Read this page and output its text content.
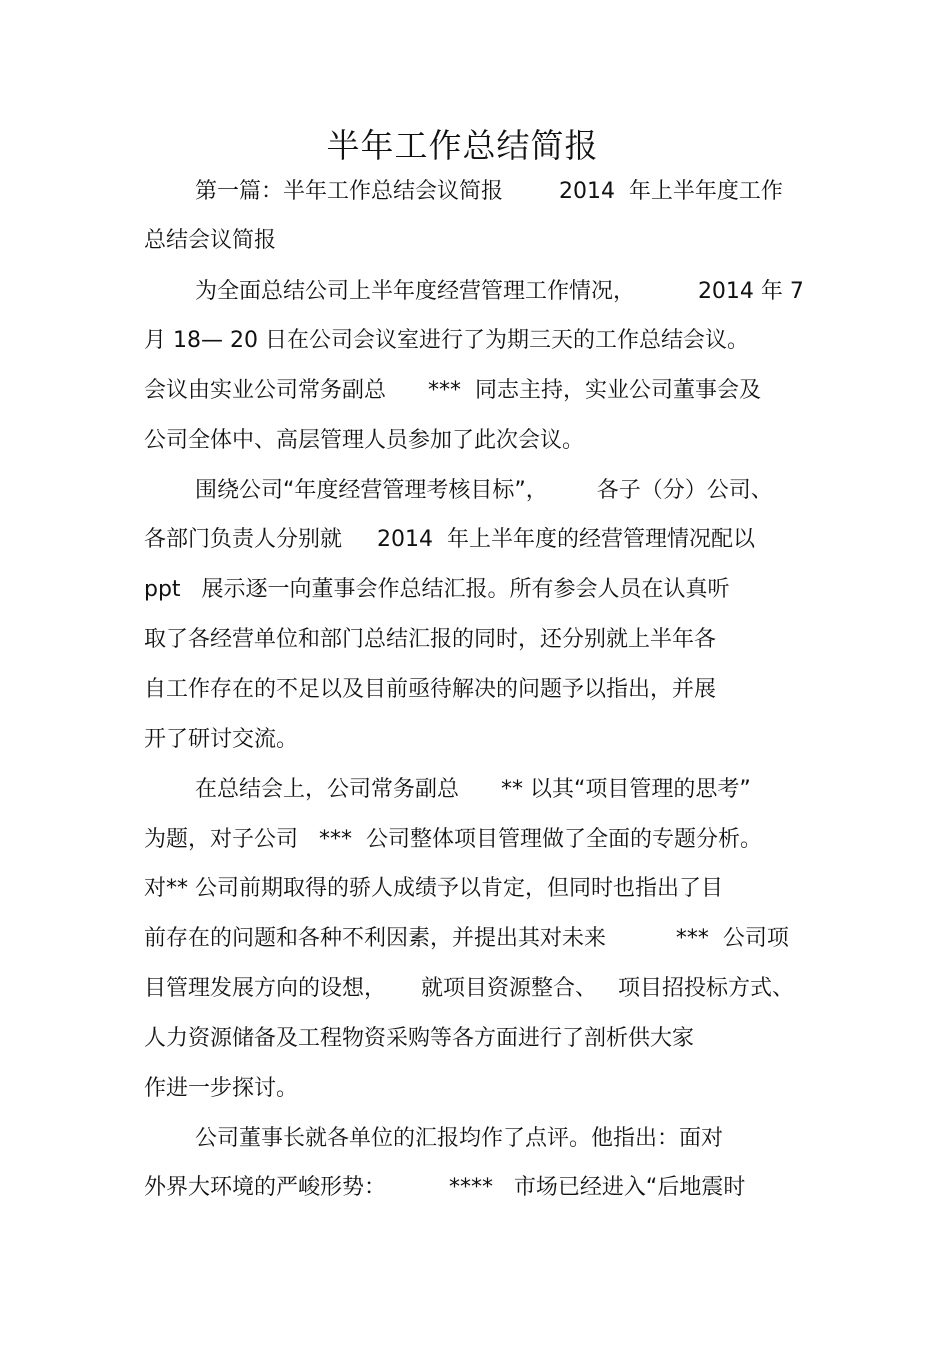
半年工作总结简报
第一篇：半年工作总结会议简报        2014  年上半年度工作
总结会议简报
为全面总结公司上半年度经营管理工作情况，         2014 年 7
月 18— 20 日在公司会议室进行了为期三天的工作总结会议。
会议由实业公司常务副总      ***  同志主持，实业公司董事会及
公司全体中、高层管理人员参加了此次会议。
围绕公司“年度经营管理考核目标”，       各子（分）公司、
各部门负责人分别就     2014  年上半年度的经营管理情况配以
ppt   展示逐一向董事会作总结汇报。所有参会人员在认真听
取了各经营单位和部门总结汇报的同时，还分别就上半年各
自工作存在的不足以及目前亟待解决的问题予以指出，并展
开了研讨交流。
在总结会上，公司常务副总      ** 以其“项目管理的思考”
为题，对子公司   ***  公司整体项目管理做了全面的专题分析。
对** 公司前期取得的骄人成绩予以肯定，但同时也指出了目
前存在的问题和各种不利因素，并提出其对未来          ***  公司项
目管理发展方向的设想，     就项目资源整合、   项目招投标方式、
人力资源储备及工程物资采购等各方面进行了剖析供大家
作进一步探讨。
公司董事长就各单位的汇报均作了点评。他指出：面对
外界大环境的严峻形势：         ****   市场已经进入“后地震时
